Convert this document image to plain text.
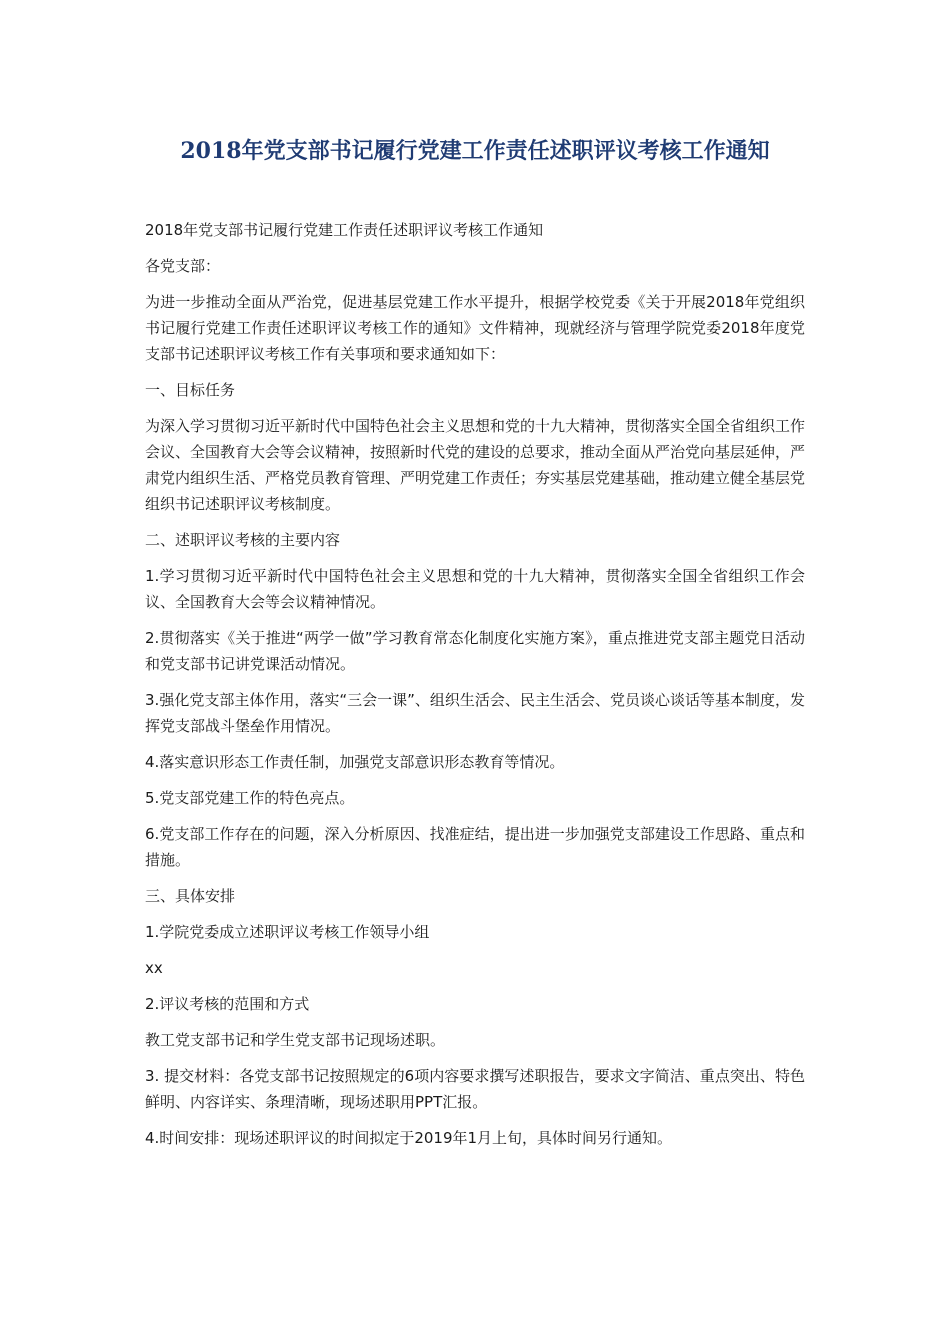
2018年党支部书记履行党建工作责任述职评议考核工作通知

2018年党支部书记履行党建工作责任述职评议考核工作通知

各党支部：

为进一步推动全面从严治党，促进基层党建工作水平提升，根据学校党委《关于开展2018年党组织书记履行党建工作责任述职评议考核工作的通知》文件精神，现就经济与管理学院党委2018年度党支部书记述职评议考核工作有关事项和要求通知如下：

一、目标任务

为深入学习贯彻习近平新时代中国特色社会主义思想和党的十九大精神，贯彻落实全国全省组织工作会议、全国教育大会等会议精神，按照新时代党的建设的总要求，推动全面从严治党向基层延伸，严肃党内组织生活、严格党员教育管理、严明党建工作责任；夯实基层党建基础，推动建立健全基层党组织书记述职评议考核制度。

二、述职评议考核的主要内容

1.学习贯彻习近平新时代中国特色社会主义思想和党的十九大精神，贯彻落实全国全省组织工作会议、全国教育大会等会议精神情况。

2.贯彻落实《关于推进“两学一做”学习教育常态化制度化实施方案》，重点推进党支部主题党日活动和党支部书记讲党课活动情况。

3.强化党支部主体作用，落实“三会一课”、组织生活会、民主生活会、党员谈心谈话等基本制度，发挥党支部战斗堡垒作用情况。

4.落实意识形态工作责任制，加强党支部意识形态教育等情况。

5.党支部党建工作的特色亮点。

6.党支部工作存在的问题，深入分析原因、找准症结，提出进一步加强党支部建设工作思路、重点和措施。

三、具体安排

1.学院党委成立述职评议考核工作领导小组

xx

2.评议考核的范围和方式

教工党支部书记和学生党支部书记现场述职。

3. 提交材料：各党支部书记按照规定的6项内容要求撰写述职报告，要求文字简洁、重点突出、特色鲜明、内容详实、条理清晰，现场述职用PPT汇报。

4.时间安排：现场述职评议的时间拟定于2019年1月上旬，具体时间另行通知。
